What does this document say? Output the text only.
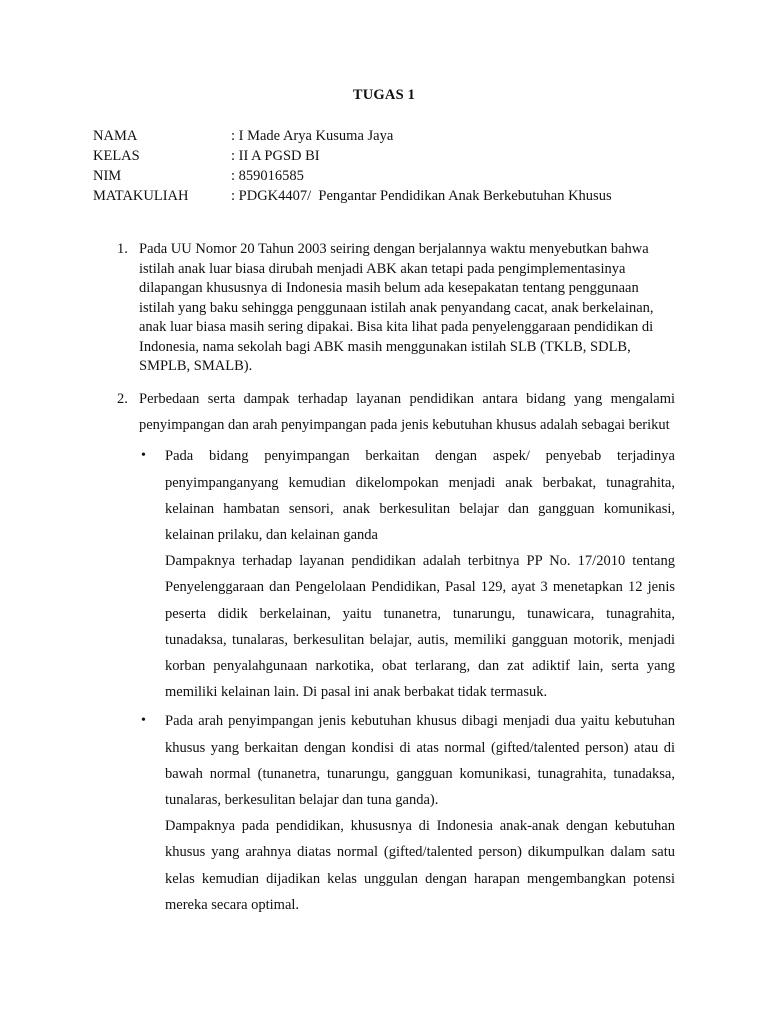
TUGAS 1
NAMA	: I Made Arya Kusuma Jaya
KELAS	: II A PGSD BI
NIM	: 859016585
MATAKULIAH	: PDGK4407/  Pengantar Pendidikan Anak Berkebutuhan Khusus
1. Pada UU Nomor 20 Tahun 2003 seiring dengan berjalannya waktu menyebutkan bahwa istilah anak luar biasa dirubah menjadi ABK akan tetapi pada pengimplementasinya dilapangan khususnya di Indonesia masih belum ada kesepakatan tentang penggunaan istilah yang baku sehingga penggunaan istilah anak penyandang cacat, anak berkelainan, anak luar biasa masih sering dipakai. Bisa kita lihat pada penyelenggaraan pendidikan di Indonesia, nama sekolah bagi ABK masih menggunakan istilah SLB (TKLB, SDLB, SMPLB, SMALB).
2. Perbedaan serta dampak terhadap layanan pendidikan antara bidang yang mengalami penyimpangan dan arah penyimpangan pada jenis kebutuhan khusus adalah sebagai berikut
•	Pada bidang penyimpangan berkaitan dengan aspek/ penyebab terjadinya penyimpanganyang kemudian dikelompokan menjadi anak berbakat, tunagrahita, kelainan hambatan sensori, anak berkesulitan belajar dan gangguan komunikasi, kelainan prilaku, dan kelainan ganda

Dampaknya terhadap layanan pendidikan adalah terbitnya PP No. 17/2010 tentang Penyelenggaraan dan Pengelolaan Pendidikan, Pasal 129, ayat 3 menetapkan 12 jenis peserta didik berkelainan, yaitu tunanetra, tunarungu, tunawicara, tunagrahita, tunadaksa, tunalaras, berkesulitan belajar, autis, memiliki gangguan motorik, menjadi korban penyalahgunaan narkotika, obat terlarang, dan zat adiktif lain, serta yang memiliki kelainan lain. Di pasal ini anak berbakat tidak termasuk.

•	Pada arah penyimpangan jenis kebutuhan khusus dibagi menjadi dua yaitu kebutuhan khusus yang berkaitan dengan kondisi di atas normal (gifted/talented person) atau di bawah normal (tunanetra, tunarungu, gangguan komunikasi, tunagrahita, tunadaksa, tunalaras, berkesulitan belajar dan tuna ganda).

Dampaknya pada pendidikan, khususnya di Indonesia anak-anak dengan kebutuhan khusus yang arahnya diatas normal (gifted/talented person) dikumpulkan dalam satu kelas kemudian dijadikan kelas unggulan dengan harapan mengembangkan potensi mereka secara optimal.
